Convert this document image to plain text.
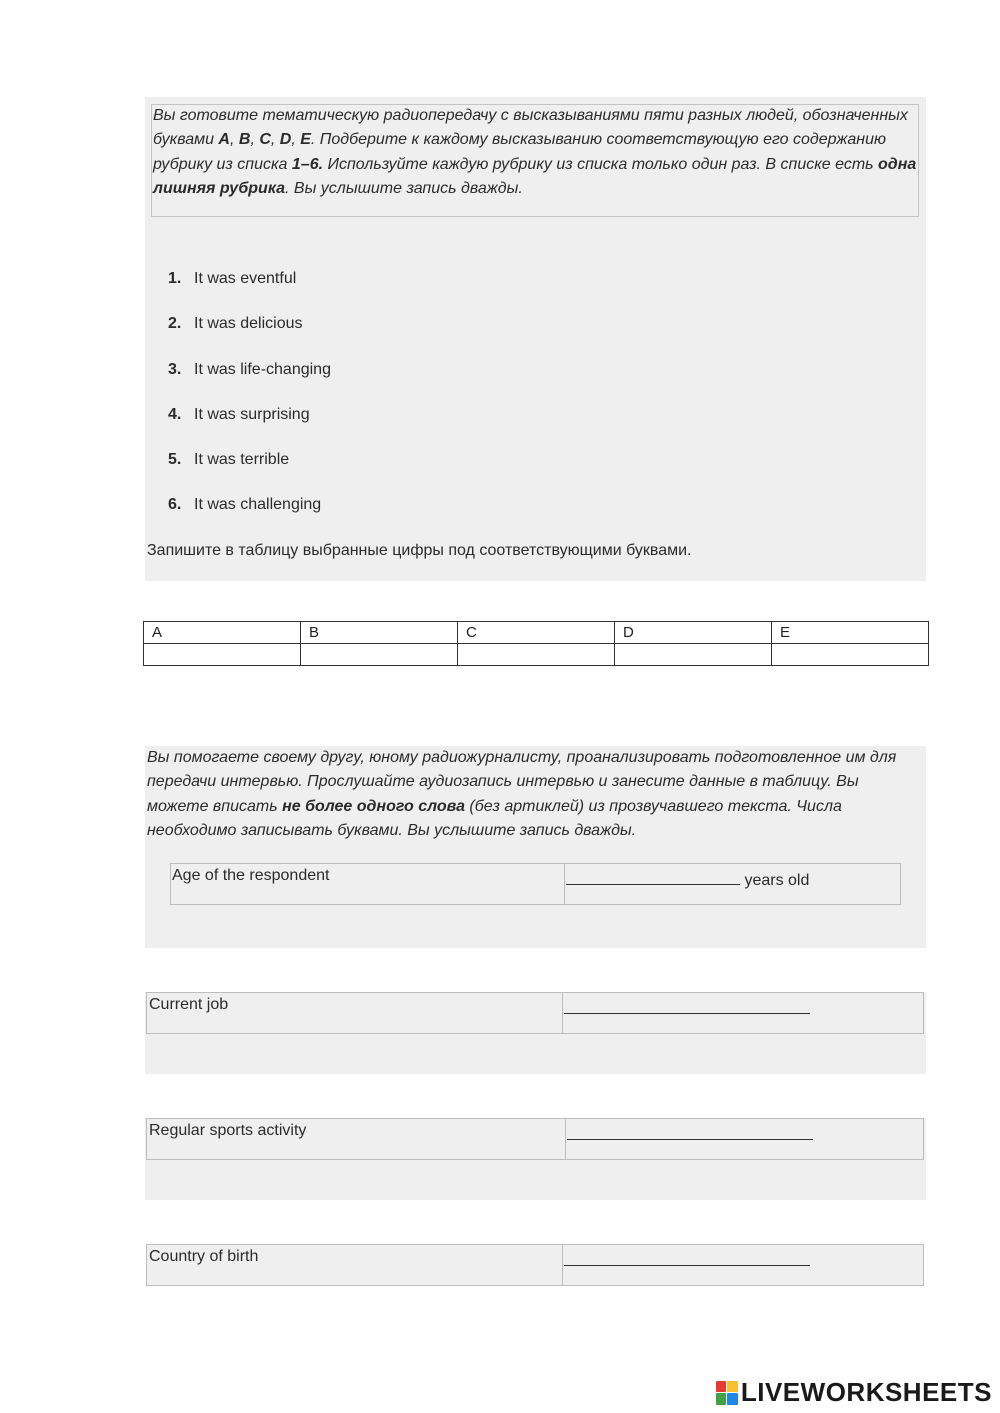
Вы готовите тематическую радиопередачу с высказываниями пяти разных людей, обозначенных буквами A, B, C, D, E. Подберите к каждому высказыванию соответствующую его содержанию рубрику из списка 1–6. Используйте каждую рубрику из списка только один раз. В списке есть одна лишняя рубрика. Вы услышите запись дважды.
1. It was eventful
2. It was delicious
3. It was life-changing
4. It was surprising
5. It was terrible
6. It was challenging
Запишите в таблицу выбранные цифры под соответствующими буквами.
A	B	C	D	E

Вы помогаете своему другу, юному радиожурналисту, проанализировать подготовленное им для передачи интервью. Прослушайте аудиозапись интервью и занесите данные в таблицу. Вы можете вписать не более одного слова (без артиклей) из прозвучавшего текста. Числа необходимо записывать буквами. Вы услышите запись дважды.
Age of the respondent	years old
Current job
Regular sports activity
Country of birth
LIVEWORKSHEETS
